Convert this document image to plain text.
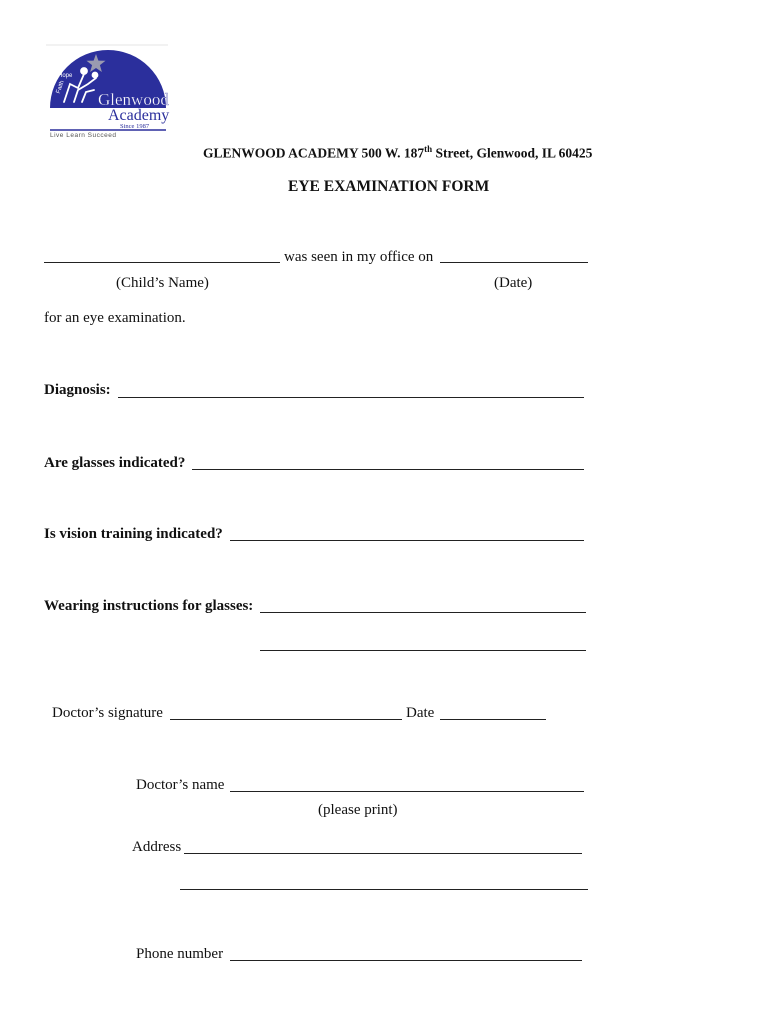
Hope
Faith
Glenwood
Academy
Since 1987
Live Learn Succeed
GLENWOOD ACADEMY 500 W. 187th Street, Glenwood, IL 60425
EYE EXAMINATION FORM
was seen in my office on
(Child’s Name)	(Date)
for an eye examination.
Diagnosis:
Are glasses indicated?
Is vision training indicated?
Wearing instructions for glasses:
Doctor’s signature	Date
Doctor’s name
(please print)
Address
Phone number
